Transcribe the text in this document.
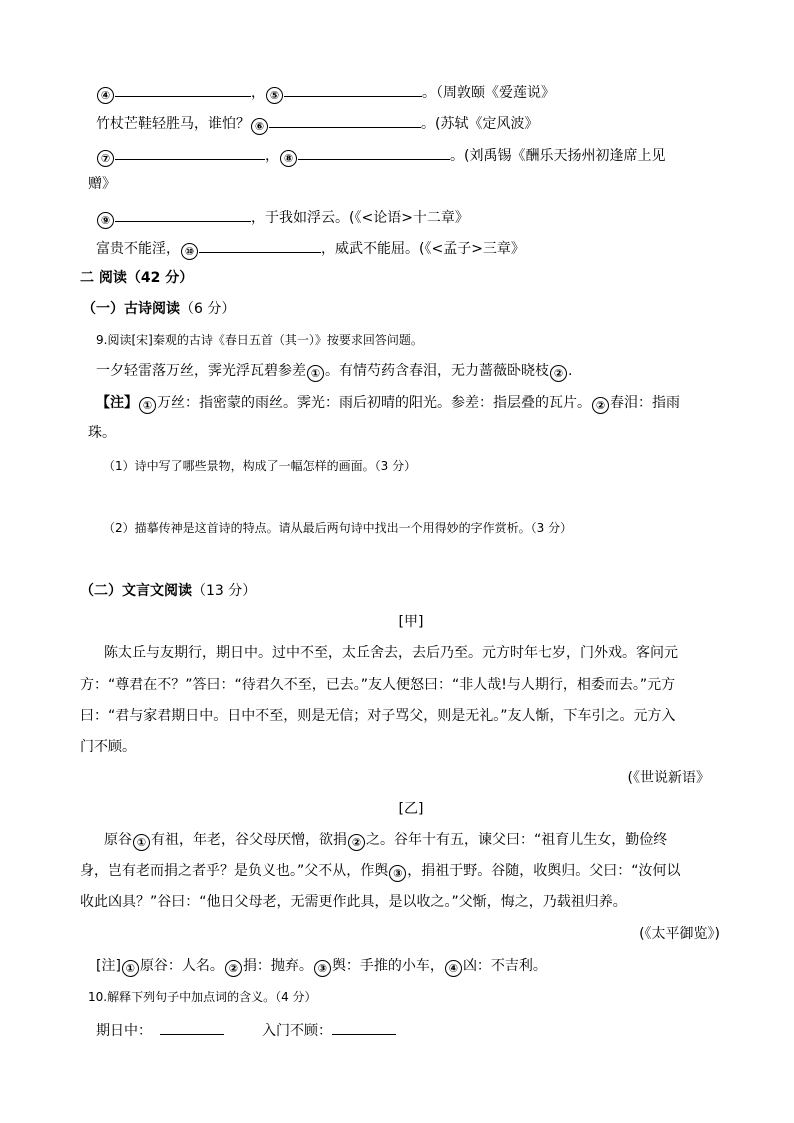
④	， ⑤	。（周敦颐《爱莲说》
竹杖芒鞋轻胜马，谁怕？ ⑥	。(苏轼《定风波》
⑦	， ⑧	。(刘禹锡《酬乐天扬州初逢席上见
赠》
⑨	，于我如浮云。(《<论语>十二章》
富贵不能淫， ⑩	，威武不能屈。(《<孟子>三章》
二 阅读（42 分）
（一）古诗阅读（6 分）
9.阅读[宋]秦观的古诗《春日五首（其一）》按要求回答问题。
一夕轻雷落万丝，霁光浮瓦碧参差 ① 。有情芍药含春泪，无力蔷薇卧晓枝 ② .
【注】 ① 万丝：指密蒙的雨丝。霁光：雨后初晴的阳光。参差：指层叠的瓦片。 ② 春泪：指雨
珠。
（1）诗中写了哪些景物，构成了一幅怎样的画面。（3 分）
（2）描摹传神是这首诗的特点。请从最后两句诗中找出一个用得妙的字作赏析。（3 分）
（二）文言文阅读（13 分）
[甲]
陈太丘与友期行，期日中。过中不至，太丘舍去，去后乃至。元方时年七岁，门外戏。客问元
方：“尊君在不？”答曰：“待君久不至，已去。”友人便怒曰：“非人哉!与人期行，相委而去。”元方
曰：“君与家君期日中。日中不至，则是无信；对子骂父，则是无礼。”友人惭，下车引之。元方入
门不顾。
(《世说新语》
[乙]
原谷 ① 有祖，年老，谷父母厌憎，欲捐 ② 之。谷年十有五，谏父曰：“祖育儿生女，勤俭终
身，岂有老而捐之者乎？是负义也。”父不从，作舆 ③ ，捐祖于野。谷随，收舆归。父曰：“汝何以
收此凶具？”谷曰：“他日父母老，无需更作此具，是以收之。”父惭，悔之，乃载祖归养。
(《太平御览》)
[注] ① 原谷：人名。 ② 捐：抛弃。 ③ 舆：手推的小车， ④ 凶：不吉利。
10.解释下列句子中加点词的含义。（4 分）
期日中：	入门不顾：
